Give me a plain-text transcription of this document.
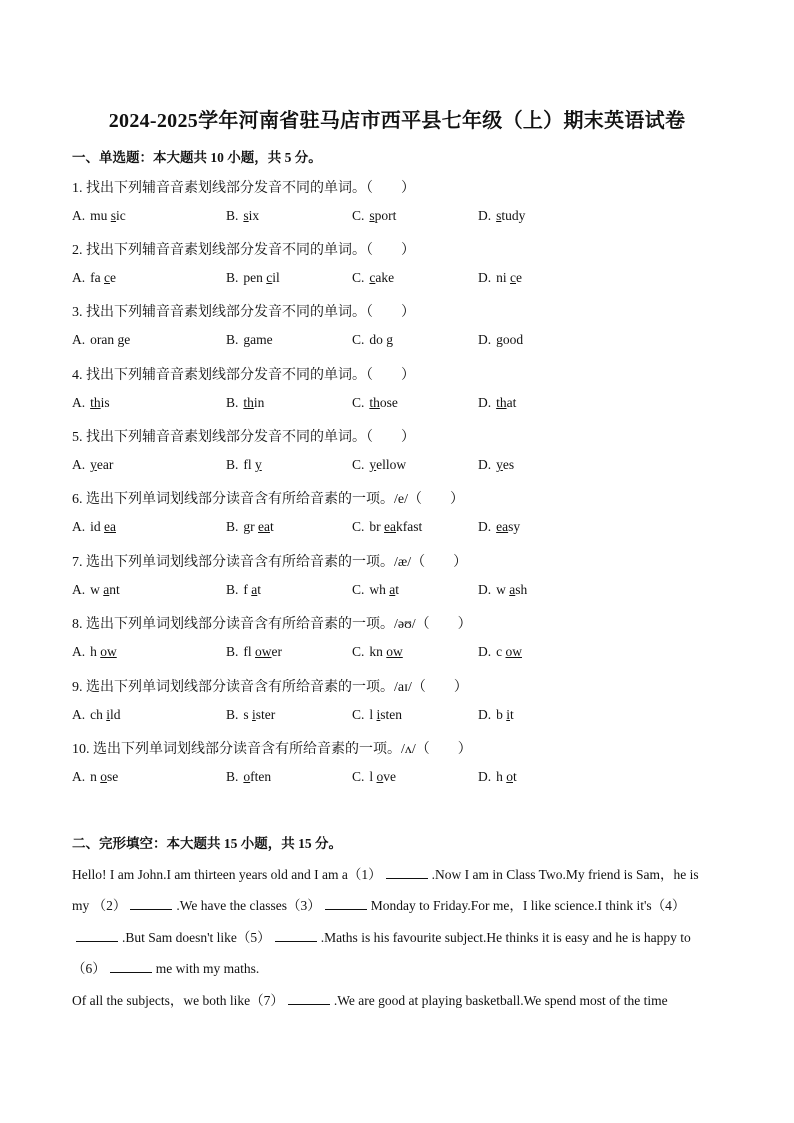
2024-2025学年河南省驻马店市西平县七年级（上）期末英语试卷
一、单选题：本大题共 10 小题，共 5 分。
1. 找出下列辅音音素划线部分发音不同的单词。（　　）
A. mu sic	B. six	C. sport	D. study
2. 找出下列辅音音素划线部分发音不同的单词。（　　）
A. fa ce	B. pen cil	C. cake	D. ni ce
3. 找出下列辅音音素划线部分发音不同的单词。（　　）
A. oran ge	B. game	C. do g	D. good
4. 找出下列辅音音素划线部分发音不同的单词。（　　）
A. this	B. thin	C. those	D. that
5. 找出下列辅音音素划线部分发音不同的单词。（　　）
A. year	B. fl y	C. yellow	D. yes
6. 选出下列单词划线部分读音含有所给音素的一项。/e/（　　）
A. id ea	B. gr eat	C. br eakfast	D. easy
7. 选出下列单词划线部分读音含有所给音素的一项。/æ/（　　）
A. w ant	B. f at	C. wh at	D. w ash
8. 选出下列单词划线部分读音含有所给音素的一项。/əʊ/（　　）
A. h ow	B. fl ower	C. kn ow	D. c ow
9. 选出下列单词划线部分读音含有所给音素的一项。/aɪ/（　　）
A. ch ild	B. s ister	C. l isten	D. b it
10. 选出下列单词划线部分读音含有所给音素的一项。/ʌ/（　　）
A. n ose	B. often	C. l ove	D. h ot
二、完形填空：本大题共 15 小题，共 15 分。
Hello! I am John.I am thirteen years old and I am a（1）	.Now I am in Class Two.My friend is Sam，he is
my （2）	.We have the classes（3）	Monday to Friday.For me，I like science.I think it's（4）
.But Sam doesn't like（5）	.Maths is his favourite subject.He thinks it is easy and he is happy to
（6）	me with my maths.
Of all the subjects，we both like（7）	.We are good at playing basketball.We spend most of the time
